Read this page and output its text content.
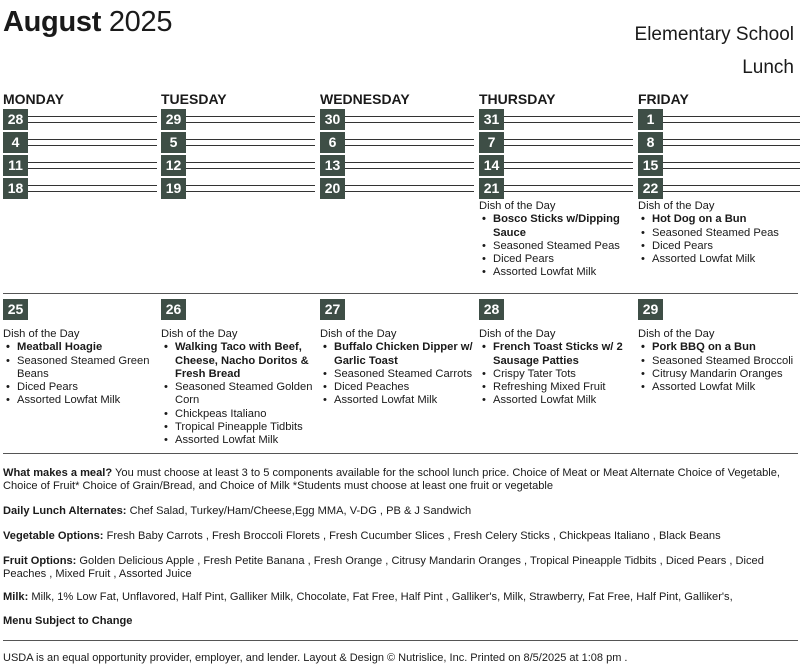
August 2025	Elementary School
Lunch
MONDAY
28
4
11
18
TUESDAY
29
5
12
19
WEDNESDAY
30
6
13
20
THURSDAY
31
7
14
21
Dish of the Day
• Bosco Sticks w/Dipping Sauce
• Seasoned Steamed Peas
• Diced Pears
• Assorted Lowfat Milk
FRIDAY
1
8
15
22
Dish of the Day
• Hot Dog on a Bun
• Seasoned Steamed Peas
• Diced Pears
• Assorted Lowfat Milk
25
Dish of the Day
• Meatball Hoagie
• Seasoned Steamed Green Beans
• Diced Pears
• Assorted Lowfat Milk
26
Dish of the Day
• Walking Taco with Beef, Cheese, Nacho Doritos & Fresh Bread
• Seasoned Steamed Golden Corn
• Chickpeas Italiano
• Tropical Pineapple Tidbits
• Assorted Lowfat Milk
27
Dish of the Day
• Buffalo Chicken Dipper w/ Garlic Toast
• Seasoned Steamed Carrots
• Diced Peaches
• Assorted Lowfat Milk
28
Dish of the Day
• French Toast Sticks w/ 2 Sausage Patties
• Crispy Tater Tots
• Refreshing Mixed Fruit
• Assorted Lowfat Milk
29
Dish of the Day
• Pork BBQ on a Bun
• Seasoned Steamed Broccoli
• Citrusy Mandarin Oranges
• Assorted Lowfat Milk
What makes a meal? You must choose at least 3 to 5 components available for the school lunch price. Choice of Meat or Meat Alternate Choice of Vegetable, Choice of Fruit* Choice of Grain/Bread, and Choice of Milk *Students must choose at least one fruit or vegetable
Daily Lunch Alternates: Chef Salad, Turkey/Ham/Cheese,Egg MMA, V-DG , PB & J Sandwich
Vegetable Options: Fresh Baby Carrots , Fresh Broccoli Florets , Fresh Cucumber Slices , Fresh Celery Sticks , Chickpeas Italiano , Black Beans
Fruit Options: Golden Delicious Apple , Fresh Petite Banana , Fresh Orange , Citrusy Mandarin Oranges , Tropical Pineapple Tidbits , Diced Pears , Diced Peaches , Mixed Fruit , Assorted Juice
Milk: Milk, 1% Low Fat, Unflavored, Half Pint, Galliker Milk, Chocolate, Fat Free, Half Pint , Galliker's, Milk, Strawberry, Fat Free, Half Pint, Galliker's,
Menu Subject to Change
USDA is an equal opportunity provider, employer, and lender. Layout & Design © Nutrislice, Inc. Printed on 8/5/2025 at 1:08 pm .
